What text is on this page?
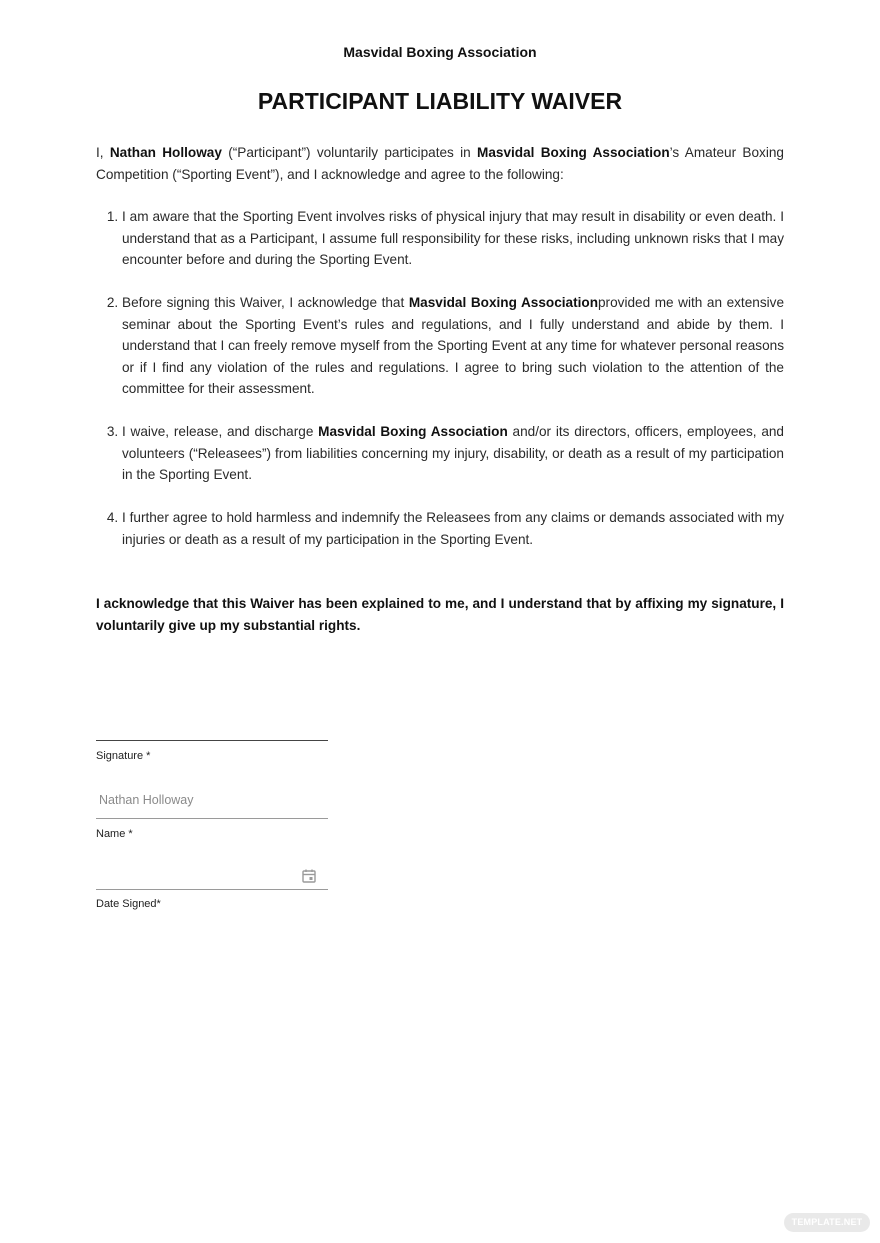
Masvidal Boxing Association
PARTICIPANT LIABILITY WAIVER

I, Nathan Holloway (“Participant”) voluntarily participates in Masvidal Boxing Association’s Amateur Boxing Competition (“Sporting Event”), and I acknowledge and agree to the following:

1. I am aware that the Sporting Event involves risks of physical injury that may result in disability or even death. I understand that as a Participant, I assume full responsibility for these risks, including unknown risks that I may encounter before and during the Sporting Event.
2. Before signing this Waiver, I acknowledge that Masvidal Boxing Associationprovided me with an extensive seminar about the Sporting Event’s rules and regulations, and I fully understand and abide by them. I understand that I can freely remove myself from the Sporting Event at any time for whatever personal reasons or if I find any violation of the rules and regulations. I agree to bring such violation to the attention of the committee for their assessment.
3. I waive, release, and discharge Masvidal Boxing Association and/or its directors, officers, employees, and volunteers (“Releasees”) from liabilities concerning my injury, disability, or death as a result of my participation in the Sporting Event.
4. I further agree to hold harmless and indemnify the Releasees from any claims or demands associated with my injuries or death as a result of my participation in the Sporting Event.

I acknowledge that this Waiver has been explained to me, and I understand that by affixing my signature, I voluntarily give up my substantial rights.

Signature *
Nathan Holloway
Name *
Date Signed*
TEMPLATE.NET
